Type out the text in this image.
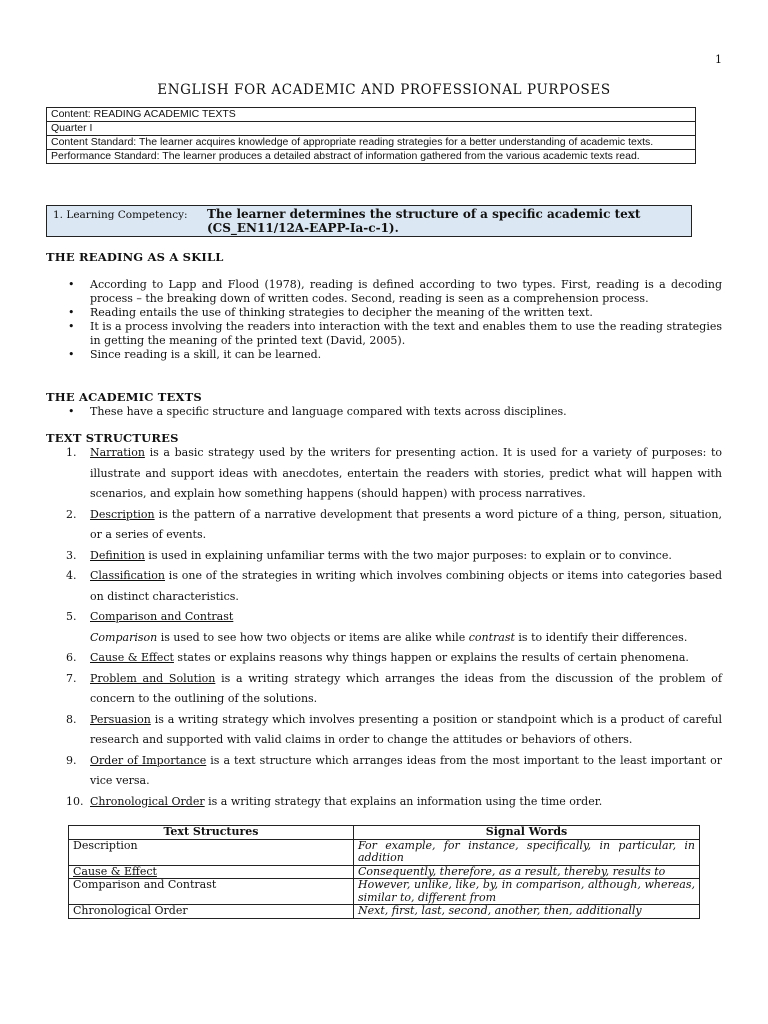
1
ENGLISH FOR ACADEMIC AND PROFESSIONAL PURPOSES
Content: READING ACADEMIC TEXTS
Quarter I
Content Standard: The learner acquires knowledge of appropriate reading strategies for a better understanding of academic texts.
Performance Standard: The learner produces a detailed abstract of information gathered from the various academic texts read.
1. Learning Competency: The learner determines the structure of a specific academic text
(CS_EN11/12A-EAPP-Ia-c-1).
THE READING AS A SKILL
• According to Lapp and Flood (1978), reading is defined according to two types. First, reading is a decoding process – the breaking down of written codes. Second, reading is seen as a comprehension process.
• Reading entails the use of thinking strategies to decipher the meaning of the written text.
• It is a process involving the readers into interaction with the text and enables them to use the reading strategies in getting the meaning of the printed text (David, 2005).
• Since reading is a skill, it can be learned.
THE ACADEMIC TEXTS
• These have a specific structure and language compared with texts across disciplines.
TEXT STRUCTURES
1. Narration is a basic strategy used by the writers for presenting action. It is used for a variety of purposes: to illustrate and support ideas with anecdotes, entertain the readers with stories, predict what will happen with scenarios, and explain how something happens (should happen) with process narratives.
2. Description is the pattern of a narrative development that presents a word picture of a thing, person, situation, or a series of events.
3. Definition is used in explaining unfamiliar terms with the two major purposes: to explain or to convince.
4. Classification is one of the strategies in writing which involves combining objects or items into categories based on distinct characteristics.
5. Comparison and Contrast
Comparison is used to see how two objects or items are alike while contrast is to identify their differences.
6. Cause & Effect states or explains reasons why things happen or explains the results of certain phenomena.
7. Problem and Solution is a writing strategy which arranges the ideas from the discussion of the problem of concern to the outlining of the solutions.
8. Persuasion is a writing strategy which involves presenting a position or standpoint which is a product of careful research and supported with valid claims in order to change the attitudes or behaviors of others.
9. Order of Importance is a text structure which arranges ideas from the most important to the least important or vice versa.
10. Chronological Order is a writing strategy that explains an information using the time order.
Text Structures	Signal Words
Description	For example, for instance, specifically, in particular, in addition
Cause & Effect	Consequently, therefore, as a result, thereby, results to
Comparison and Contrast	However, unlike, like, by, in comparison, although, whereas, similar to, different from
Chronological Order	Next, first, last, second, another, then, additionally
